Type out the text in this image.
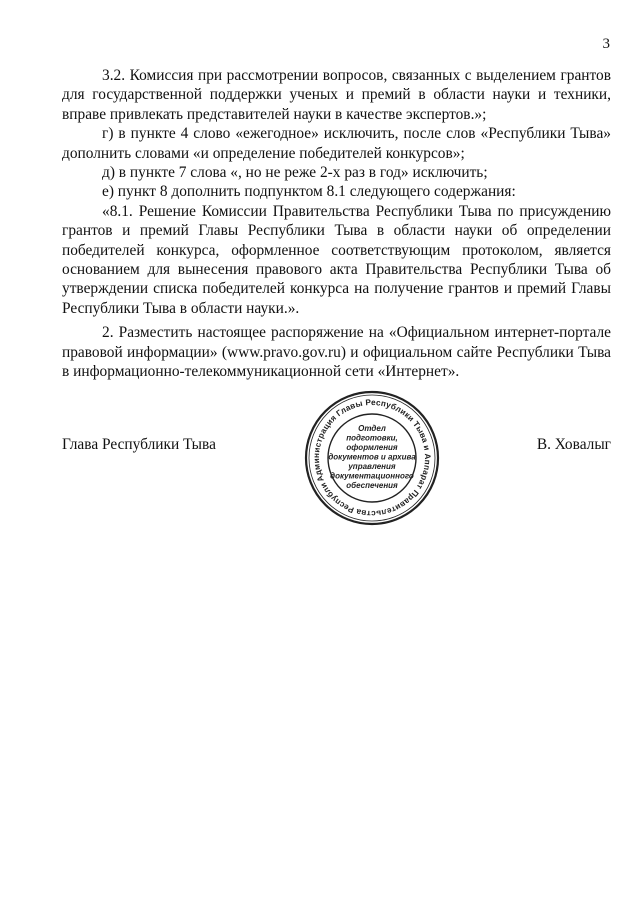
3

3.2. Комиссия при рассмотрении вопросов, связанных с выделением грантов для государственной поддержки ученых и премий в области науки и техники, вправе привлекать представителей науки в качестве экспертов.»;

г) в пункте 4 слово «ежегодное» исключить, после слов «Республики Тыва» дополнить словами «и определение победителей конкурсов»;

д) в пункте 7 слова «, но не реже 2-х раз в год» исключить;

е) пункт 8 дополнить подпунктом 8.1 следующего содержания:

«8.1. Решение Комиссии Правительства Республики Тыва по присуждению грантов и премий Главы Республики Тыва в области науки об определении победителей конкурса, оформленное соответствующим протоколом, является основанием для вынесения правового акта Правительства Республики Тыва об утверждении списка победителей конкурса на получение грантов и премий Главы Республики Тыва в области науки.».

2. Разместить настоящее распоряжение на «Официальном интернет-портале правовой информации» (www.pravo.gov.ru) и официальном сайте Республики Тыва в информационно-телекоммуникационной сети «Интернет».

Глава Республики Тыва	В. Ховалыг
Администрация Главы Республики Тыва и Аппарат Правительства Республики
Отдел
подготовки,
оформления
документов и архива
управления
документационного
обеспечения
